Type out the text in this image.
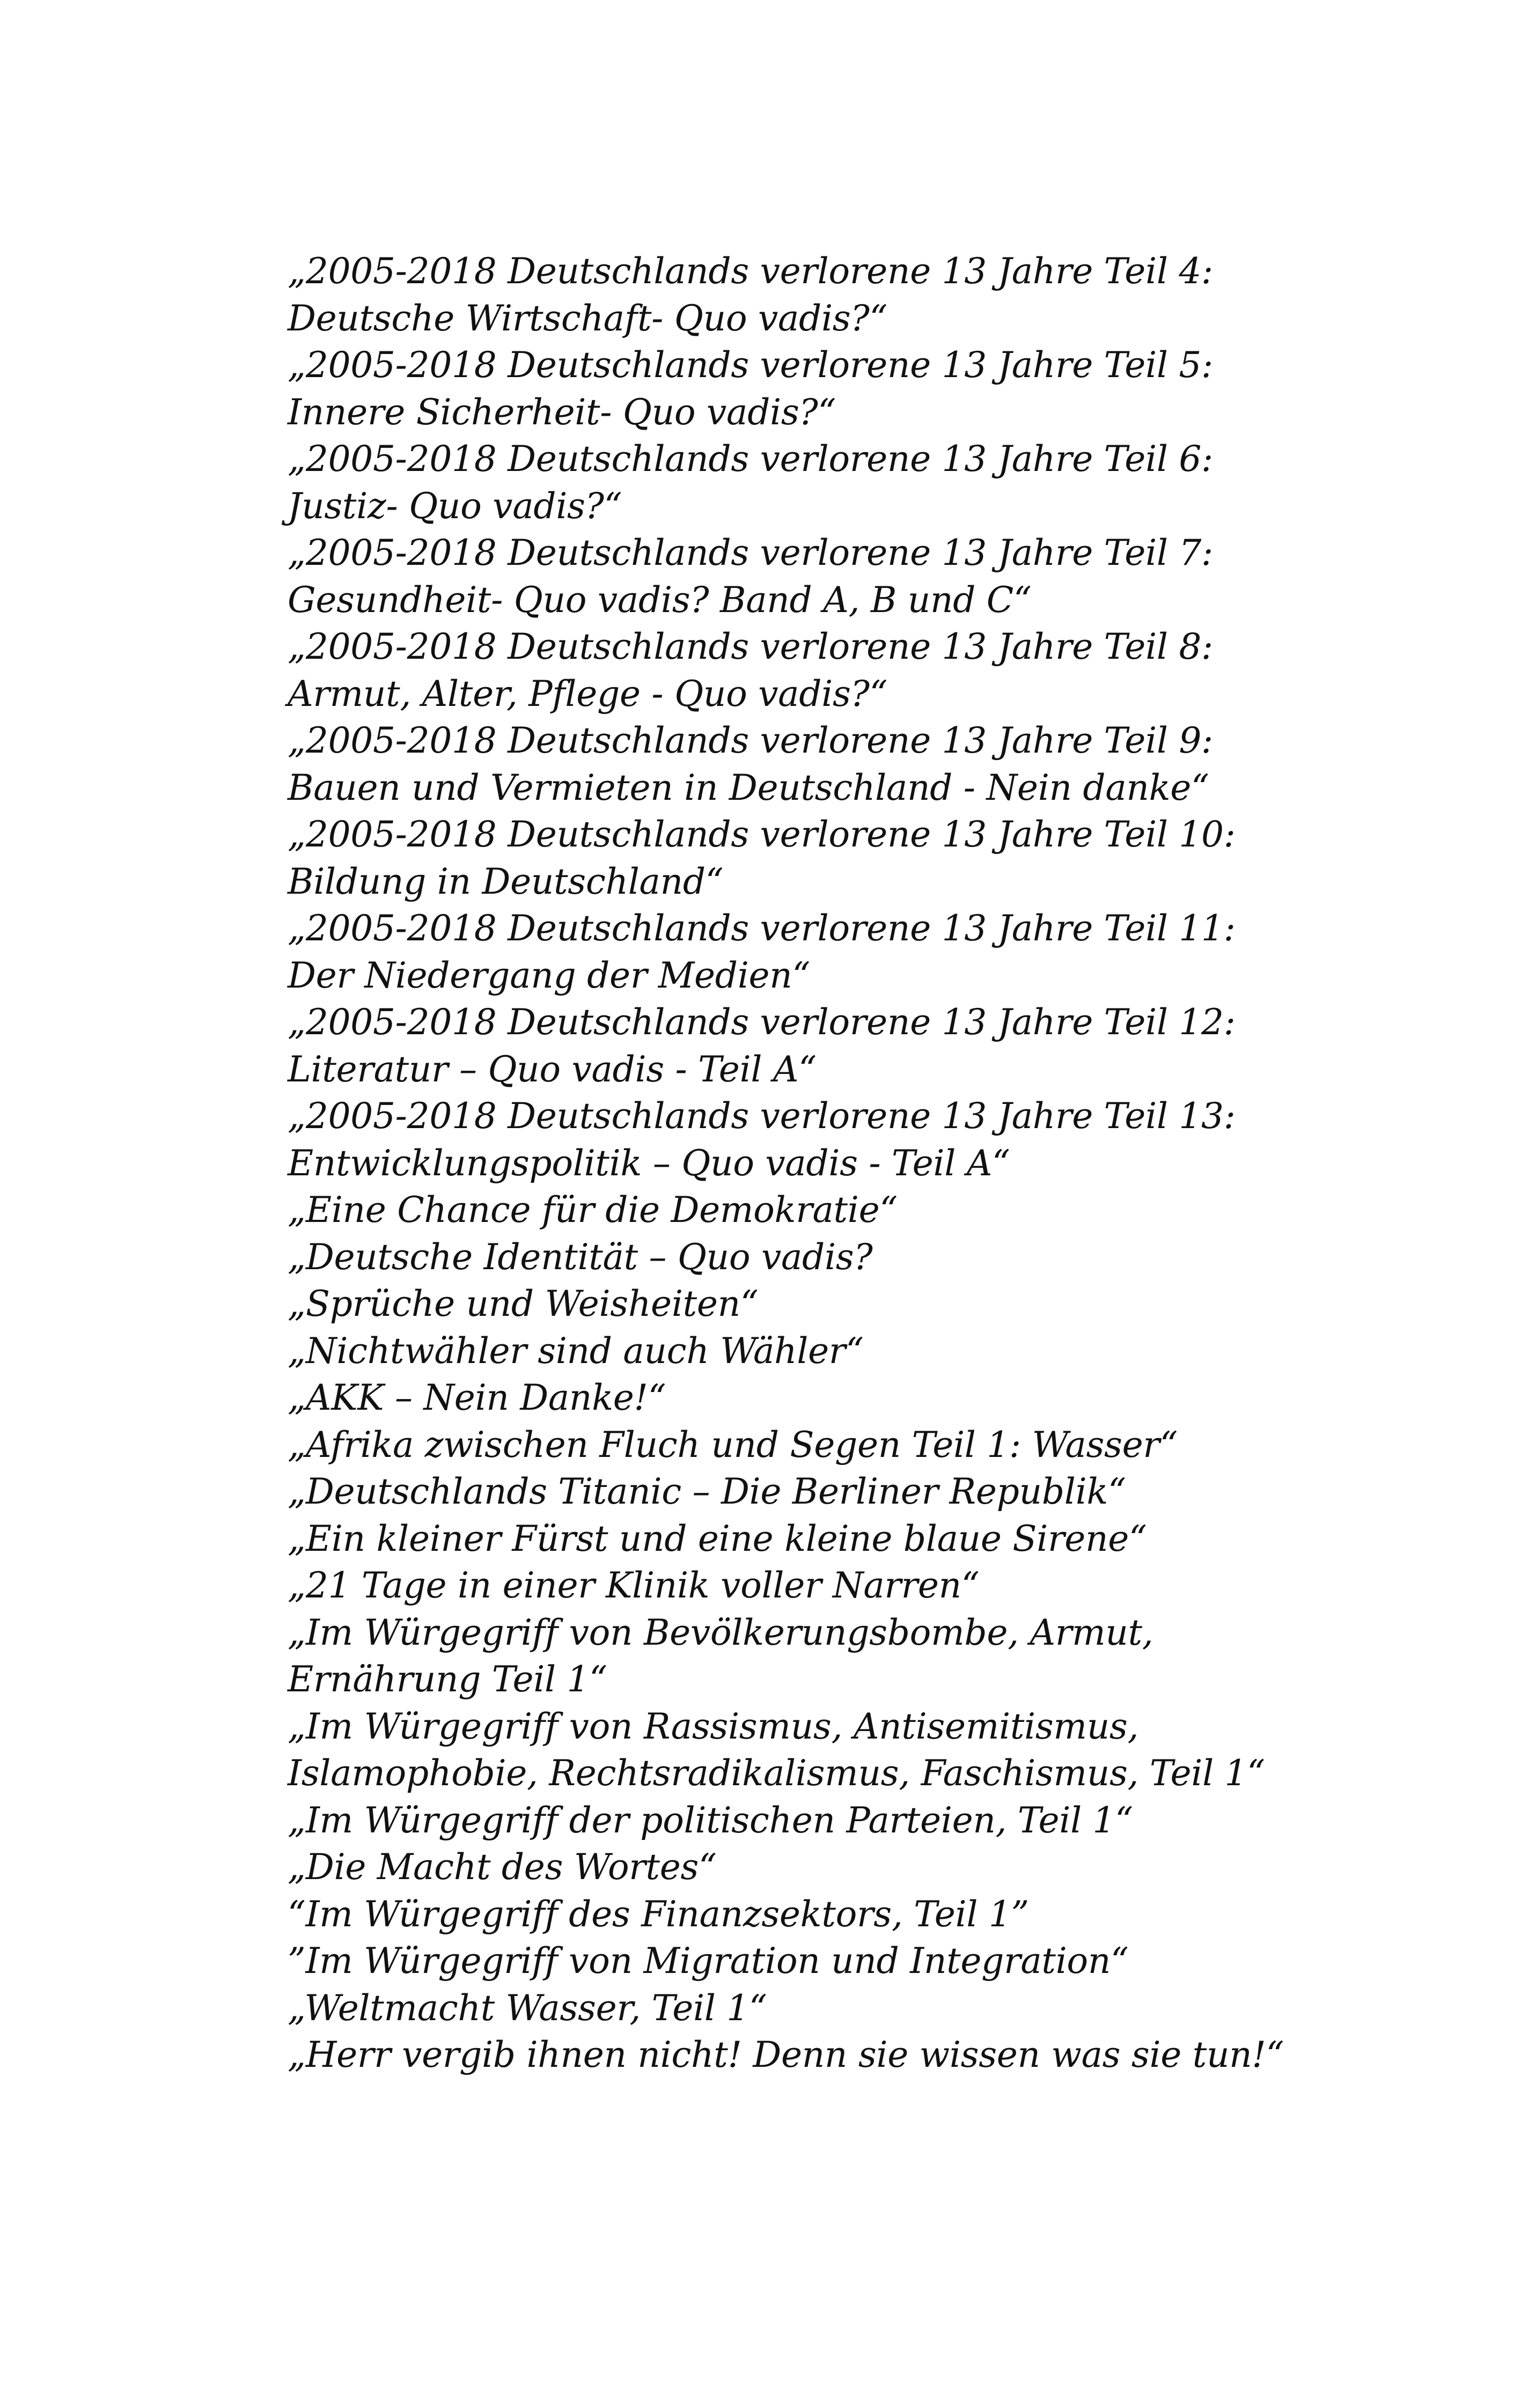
„2005-2018 Deutschlands verlorene 13 Jahre Teil 4:
Deutsche Wirtschaft- Quo vadis?“
„2005-2018 Deutschlands verlorene 13 Jahre Teil 5:
Innere Sicherheit- Quo vadis?“
„2005-2018 Deutschlands verlorene 13 Jahre Teil 6:
Justiz- Quo vadis?“
„2005-2018 Deutschlands verlorene 13 Jahre Teil 7:
Gesundheit- Quo vadis? Band A, B und C“
„2005-2018 Deutschlands verlorene 13 Jahre Teil 8:
Armut, Alter, Pflege - Quo vadis?“
„2005-2018 Deutschlands verlorene 13 Jahre Teil 9:
Bauen und Vermieten in Deutschland - Nein danke“
„2005-2018 Deutschlands verlorene 13 Jahre Teil 10:
Bildung in Deutschland“
„2005-2018 Deutschlands verlorene 13 Jahre Teil 11:
Der Niedergang der Medien“
„2005-2018 Deutschlands verlorene 13 Jahre Teil 12:
Literatur – Quo vadis - Teil A“
„2005-2018 Deutschlands verlorene 13 Jahre Teil 13:
Entwicklungspolitik – Quo vadis - Teil A“
„Eine Chance für die Demokratie“
„Deutsche Identität – Quo vadis?
„Sprüche und Weisheiten“
„Nichtwähler sind auch Wähler“
„AKK – Nein Danke!“
„Afrika zwischen Fluch und Segen Teil 1: Wasser“
„Deutschlands Titanic – Die Berliner Republik“
„Ein kleiner Fürst und eine kleine blaue Sirene“
„21 Tage in einer Klinik voller Narren“
„Im Würgegriff von Bevölkerungsbombe, Armut,
Ernährung Teil 1“
„Im Würgegriff von Rassismus, Antisemitismus,
Islamophobie, Rechtsradikalismus, Faschismus, Teil 1“
„Im Würgegriff der politischen Parteien, Teil 1“
„Die Macht des Wortes“
“Im Würgegriff des Finanzsektors, Teil 1”
”Im Würgegriff von Migration und Integration“
„Weltmacht Wasser, Teil 1“
„Herr vergib ihnen nicht! Denn sie wissen was sie tun!“
